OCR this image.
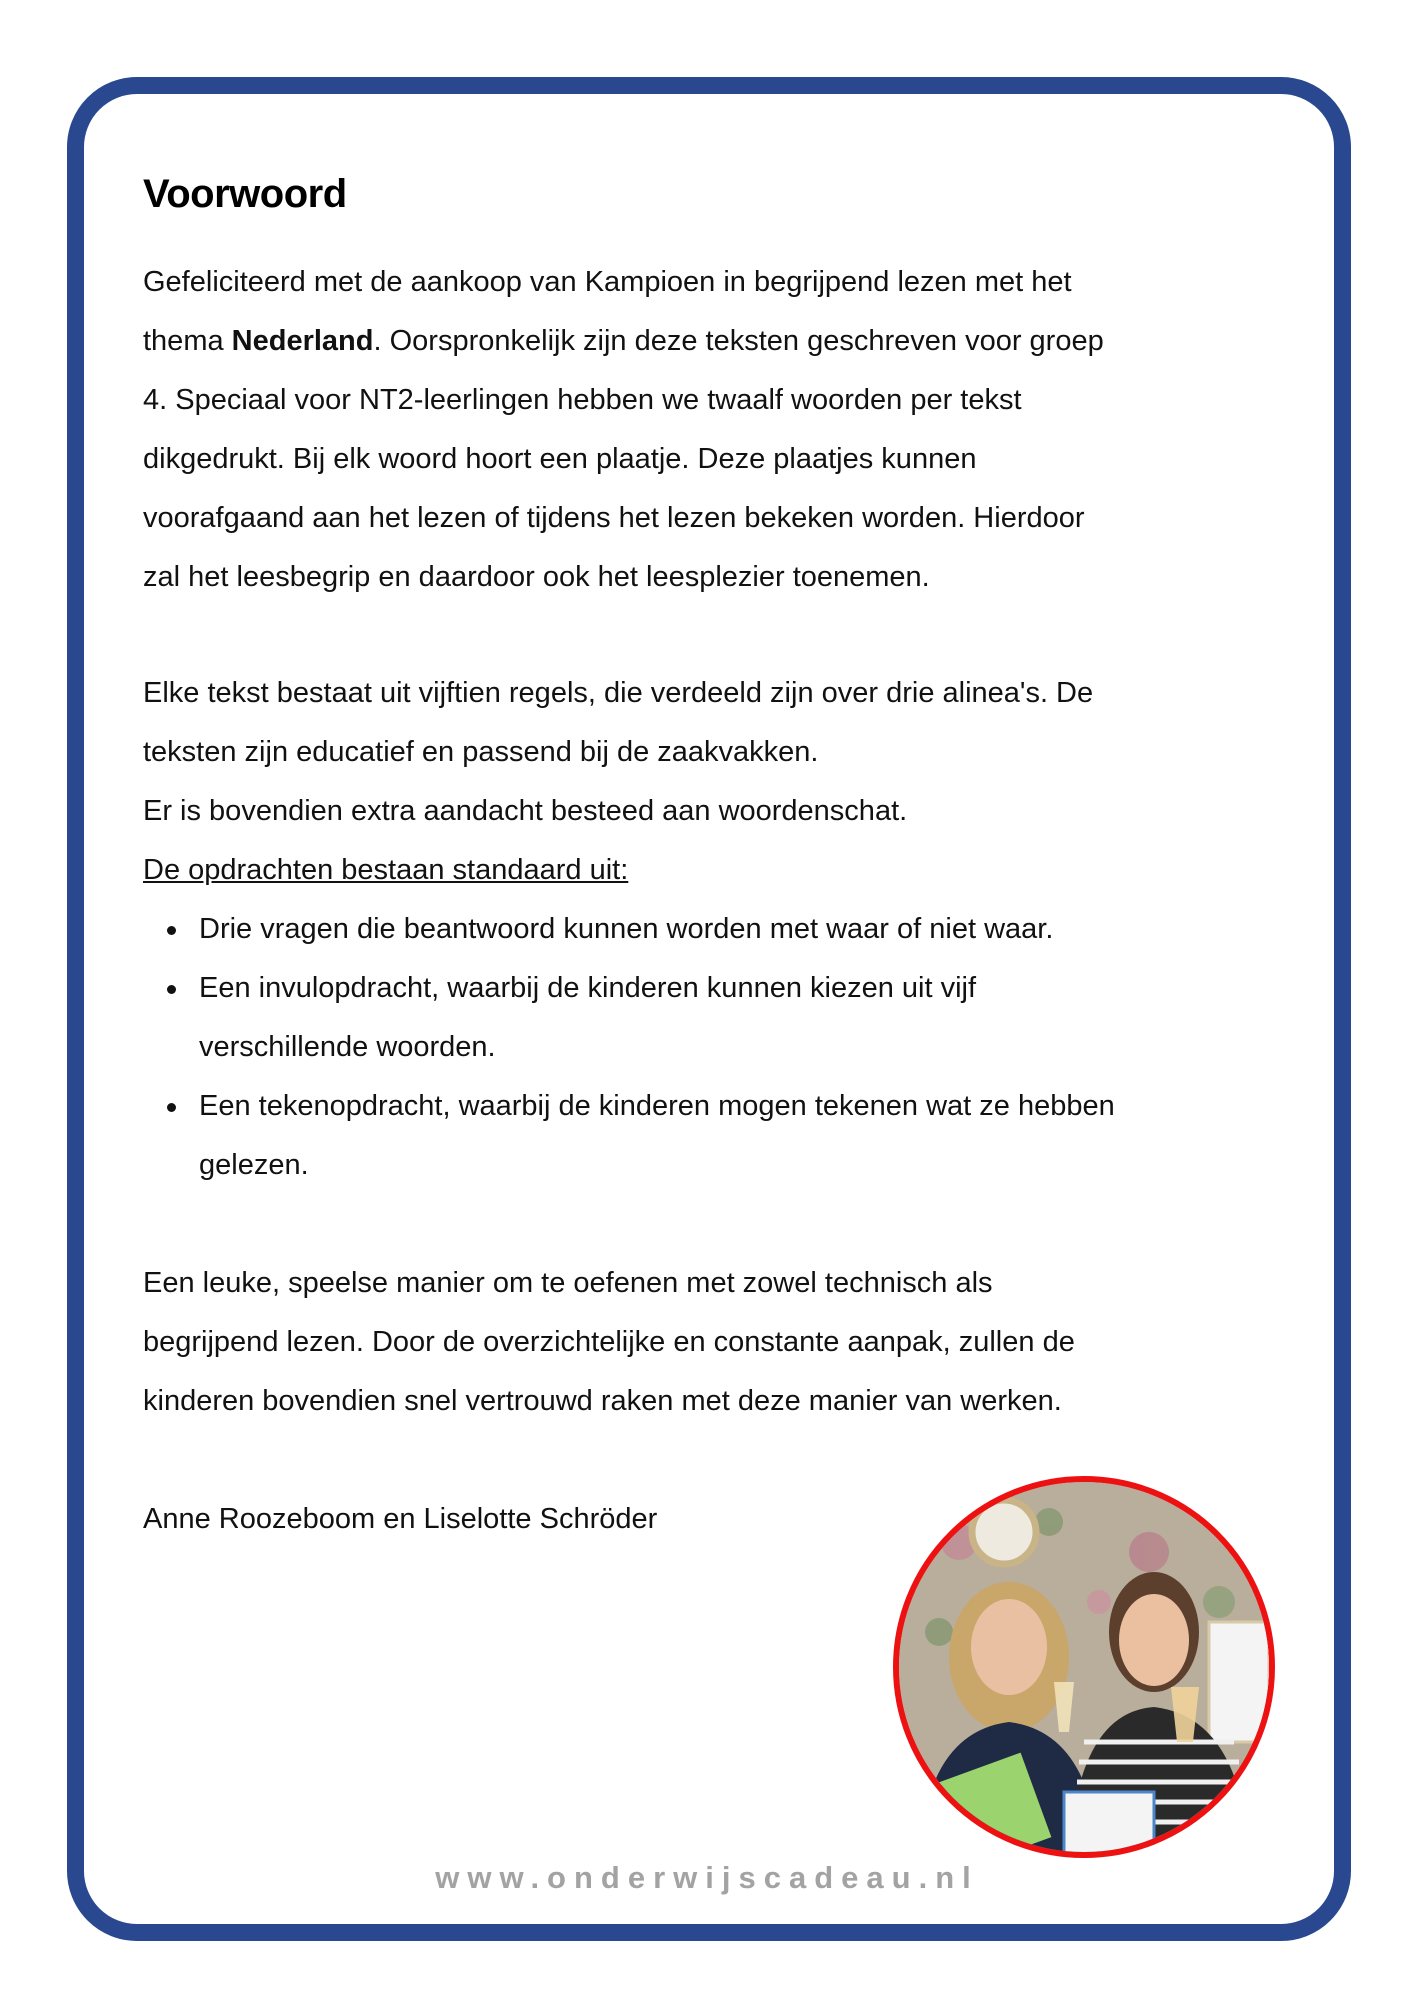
Voorwoord
Gefeliciteerd met de aankoop van Kampioen in begrijpend lezen met het
thema Nederland. Oorspronkelijk zijn deze teksten geschreven voor groep
4. Speciaal voor NT2-leerlingen hebben we twaalf woorden per tekst
dikgedrukt. Bij elk woord hoort een plaatje. Deze plaatjes kunnen
voorafgaand aan het lezen of tijdens het lezen bekeken worden. Hierdoor
zal het leesbegrip en daardoor ook het leesplezier toenemen.
Elke tekst bestaat uit vijftien regels, die verdeeld zijn over drie alinea's. De
teksten zijn educatief en passend bij de zaakvakken.
Er is bovendien extra aandacht besteed aan woordenschat.
De opdrachten bestaan standaard uit:
Drie vragen die beantwoord kunnen worden met waar of niet waar.
Een invulopdracht, waarbij de kinderen kunnen kiezen uit vijf
verschillende woorden.
Een tekenopdracht, waarbij de kinderen mogen tekenen wat ze hebben
gelezen.
Een leuke, speelse manier om te oefenen met zowel technisch als
begrijpend lezen. Door de overzichtelijke en constante aanpak, zullen de
kinderen bovendien snel vertrouwd raken met deze manier van werken.
Anne Roozeboom en Liselotte Schröder
www.onderwijscadeau.nl
